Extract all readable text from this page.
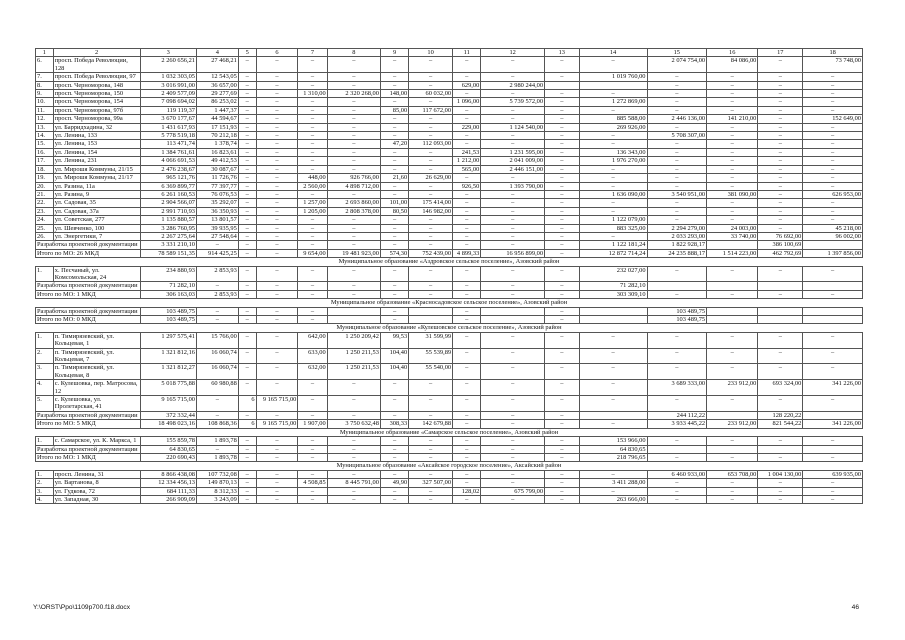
1	2	3	4	5	6	7	8	9	10	11	12	13	14	15	16	17	18
6.	просп. Победа Революции, 128	2 260 656,21	27 468,21	–	–	–	–	–	–	–	–	–	–	2 074 754,00	84 086,00	–	73 748,00
7.	просп. Победа Революции, 97	1 032 303,05	12 543,05	–	–	–	–	–	–	–	–	–	1 019 760,00	–	–	–	–
8.	просп. Черноморова, 148	3 016 991,00	36 657,00	–	–	–	–	–	–	629,00	2 980 244,00			–	–	–	–
9.	просп. Черноморова, 150	2 409 577,09	29 277,69	–	–	1 310,00	2 320 268,00	148,00	60 032,00	–	–	–	–	–	–	–	–
10.	просп. Черноморова, 154	7 098 694,02	86 253,02	–	–	–	–	–	–	1 096,00	5 739 572,00	–	1 272 869,00	–	–	–	–
11.	просп. Черноморова, 97б	119 119,37	1 447,37	–	–	–	–	85,00	117 672,00	–	–	–	–	–	–	–	–
12.	просп. Черноморова, 99а	3 670 177,67	44 594,67	–	–	–	–	–	–	–	–	–	885 588,00	2 446 136,00	141 210,00	–	152 649,00
13.	ул. Барридхадина, 32	1 431 617,93	17 151,93	–	–	–	–	–	–	229,00	1 124 540,00	–	269 926,00	–	–	–	–
14.	ул. Ленина, 133	5 778 519,18	70 212,18	–	–	–	–	–	–	–	–	–	–	5 708 307,00	–	–	–
15.	ул. Ленина, 153	113 471,74	1 378,74	–	–	–	–	47,20	112 093,00	–	–	–	–	–	–	–	–
16.	ул. Ленина, 154	1 384 761,61	16 823,61	–	–	–	–	–	–	241,53	1 231 595,00	–	136 343,00	–	–	–	–
17.	ул. Ленина, 231	4 066 691,53	49 412,53	–	–	–	–	–	–	1 212,00	2 041 009,00	–	1 976 270,00	–	–	–	–
18.	ул. Мирошя Коммуны, 21/15	2 476 238,67	30 087,67	–	–	–	–	–	–	565,00	2 446 151,00	–	–	–	–	–	–
19.	ул. Мирошя Коммуны, 21/17	965 121,76	11 726,76	–	–	448,00	926 766,00	21,60	26 629,00	–	–	–	–	–	–	–	–
20.	ул. Разина, 11а	6 369 899,77	77 397,77	–	–	2 560,00	4 898 712,00	–	–	926,50	1 393 790,00	–	–	–	–	–	–
21.	ул. Разина, 9	6 261 160,53	76 076,53	–	–	–	–	–	–	–	–	–	1 636 090,00	3 540 951,00	381 090,00	–	626 953,00
22.	ул. Садовая, 35	2 904 566,07	35 292,07	–	–	1 257,00	2 693 860,00	101,00	175 414,00	–	–	–	–	–	–	–	–
23.	ул. Садовая, 37а	2 991 710,93	36 350,93	–	–	1 205,00	2 808 378,00	80,50	146 982,00	–	–	–	–	–	–	–	–
24.	ул. Советская, 277	1 135 880,57	13 801,57	–	–	–	–	–	–	–	–	–	1 122 079,00	–	–	–	–
25.	ул. Шевченко, 100	3 286 760,95	39 935,95	–	–	–	–	–	–	–	–	–	883 325,00	2 294 279,00	24 003,00	–	45 218,00
26.	ул. Энергетики, 7	2 267 275,64	27 548,64	–	–	–	–	–	–	–	–	–	–	2 033 293,00	33 740,00	76 692,00	96 002,00
Разработка проектной документации		3 331 210,10	–	–	–	–	–	–	–	–	–	–	1 122 181,24	1 822 928,17		386 100,69	
Итого по МО: 26 МКД		78 589 151,35	914 425,25	–	–	9 654,00	19 481 923,00	574,30	752 439,00	4 899,33	16 956 899,00	–	12 872 714,24	24 235 888,17	1 514 223,00	462 792,69	1 397 856,00
Муниципальное образование «Аздровское сельское поселение», Азовский район																	
1.	х. Песчаный, ул. Комсомольская, 24	234 880,93	2 853,93	–	–	–	–	–	–	–	–	–	232 027,00	–	–	–	–
Разработка проектной документации		71 282,10	–	–	–	–	–	–	–	–	–	–	71 282,10				
Итого по МО: 1 МКД		306 163,03	2 853,93	–	–	–	–	–	–	–	–	–	303 309,10	–	–	–	–
Муниципальное образование «Красносадовское сельское поселение», Азовский район																	
Разработка проектной документации		103 489,75	–	–	–	–		–		–		–		103 489,75			
Итого по МО: 0 МКД		103 489,75	–	–	–	–		–		–		–		103 489,75			
Муниципальное образование «Кулешовское сельское поселение», Азовский район																	
1.	п. Тимирязевский, ул. Кольцевая, 1	1 297 575,41	15 766,00	–	–	642,00	1 250 209,42	99,53	31 599,99	–	–	–	–	–	–	–	–
2.	п. Тимирязевский, ул. Кольцевая, 7	1 321 812,16	16 060,74	–	–	633,00	1 250 211,53	104,40	55 539,89	–	–	–	–	–	–	–	–
3.	п. Тимирязевский, ул. Кольцевая, 8	1 321 812,27	16 060,74	–	–	632,00	1 250 211,53	104,40	55 540,00	–	–	–	–	–	–	–	–
4.	с. Кулешовка, пер. Матросова, 12	5 018 775,88	60 980,88	–	–	–	–	–	–	–	–	–	–	3 689 333,00	233 912,00	693 324,00	341 226,00
5.	с. Кулешовка, ул. Пролетарская, 41	9 165 715,00	–	6	9 165 715,00	–	–	–	–	–	–	–	–	–	–	–	–
Разработка проектной документации		372 332,44	–	–	–	–	–	–	–	–	–	–		244 112,22		128 220,22	
Итого по МО: 5 МКД		18 498 023,16	108 868,36	6	9 165 715,00	1 907,00	3 750 632,48	308,33	142 679,88	–	–	–	–	3 933 445,22	233 912,00	821 544,22	341 226,00
Муниципальное образование «Самарское сельское поселение», Азовский район																	
1.	с. Самарское, ул. К. Маркса, 1	155 859,78	1 893,78	–	–	–	–	–	–	–	–	–	153 966,00	–	–	–	–
Разработка проектной документации		64 830,65	–	–	–	–	–	–	–	–	–	–	64 830,65				
Итого по МО: 1 МКД		220 690,43	1 893,78	–	–	–	–	–	–	–	–	–	218 796,65	–	–	–	–
Муниципальное образование «Аксайское городское поселение», Аксайский район																	
1.	просп. Ленина, 31	8 866 438,08	107 732,08	–	–	–	–	–	–	–	–	–	–	6 460 933,00	653 708,00	1 004 130,00	639 935,00
2.	ул. Вартанова, 8	12 334 456,13	149 870,13	–	–	4 508,85	8 445 791,00	49,90	327 507,00	–	–	–	3 411 288,00	–	–	–	–
3.	ул. Гудкова, 72	684 111,33	8 312,33	–	–	–	–	–	–	128,02	675 799,00	–	–	–	–	–	–
4.	ул. Западная, 30	266 909,09	3 243,09	–	–	–	–	–	–	–	–	–	263 666,00	–	–	–	–
Y:\ORST\Ppo\1109p700.f18.docx	46
